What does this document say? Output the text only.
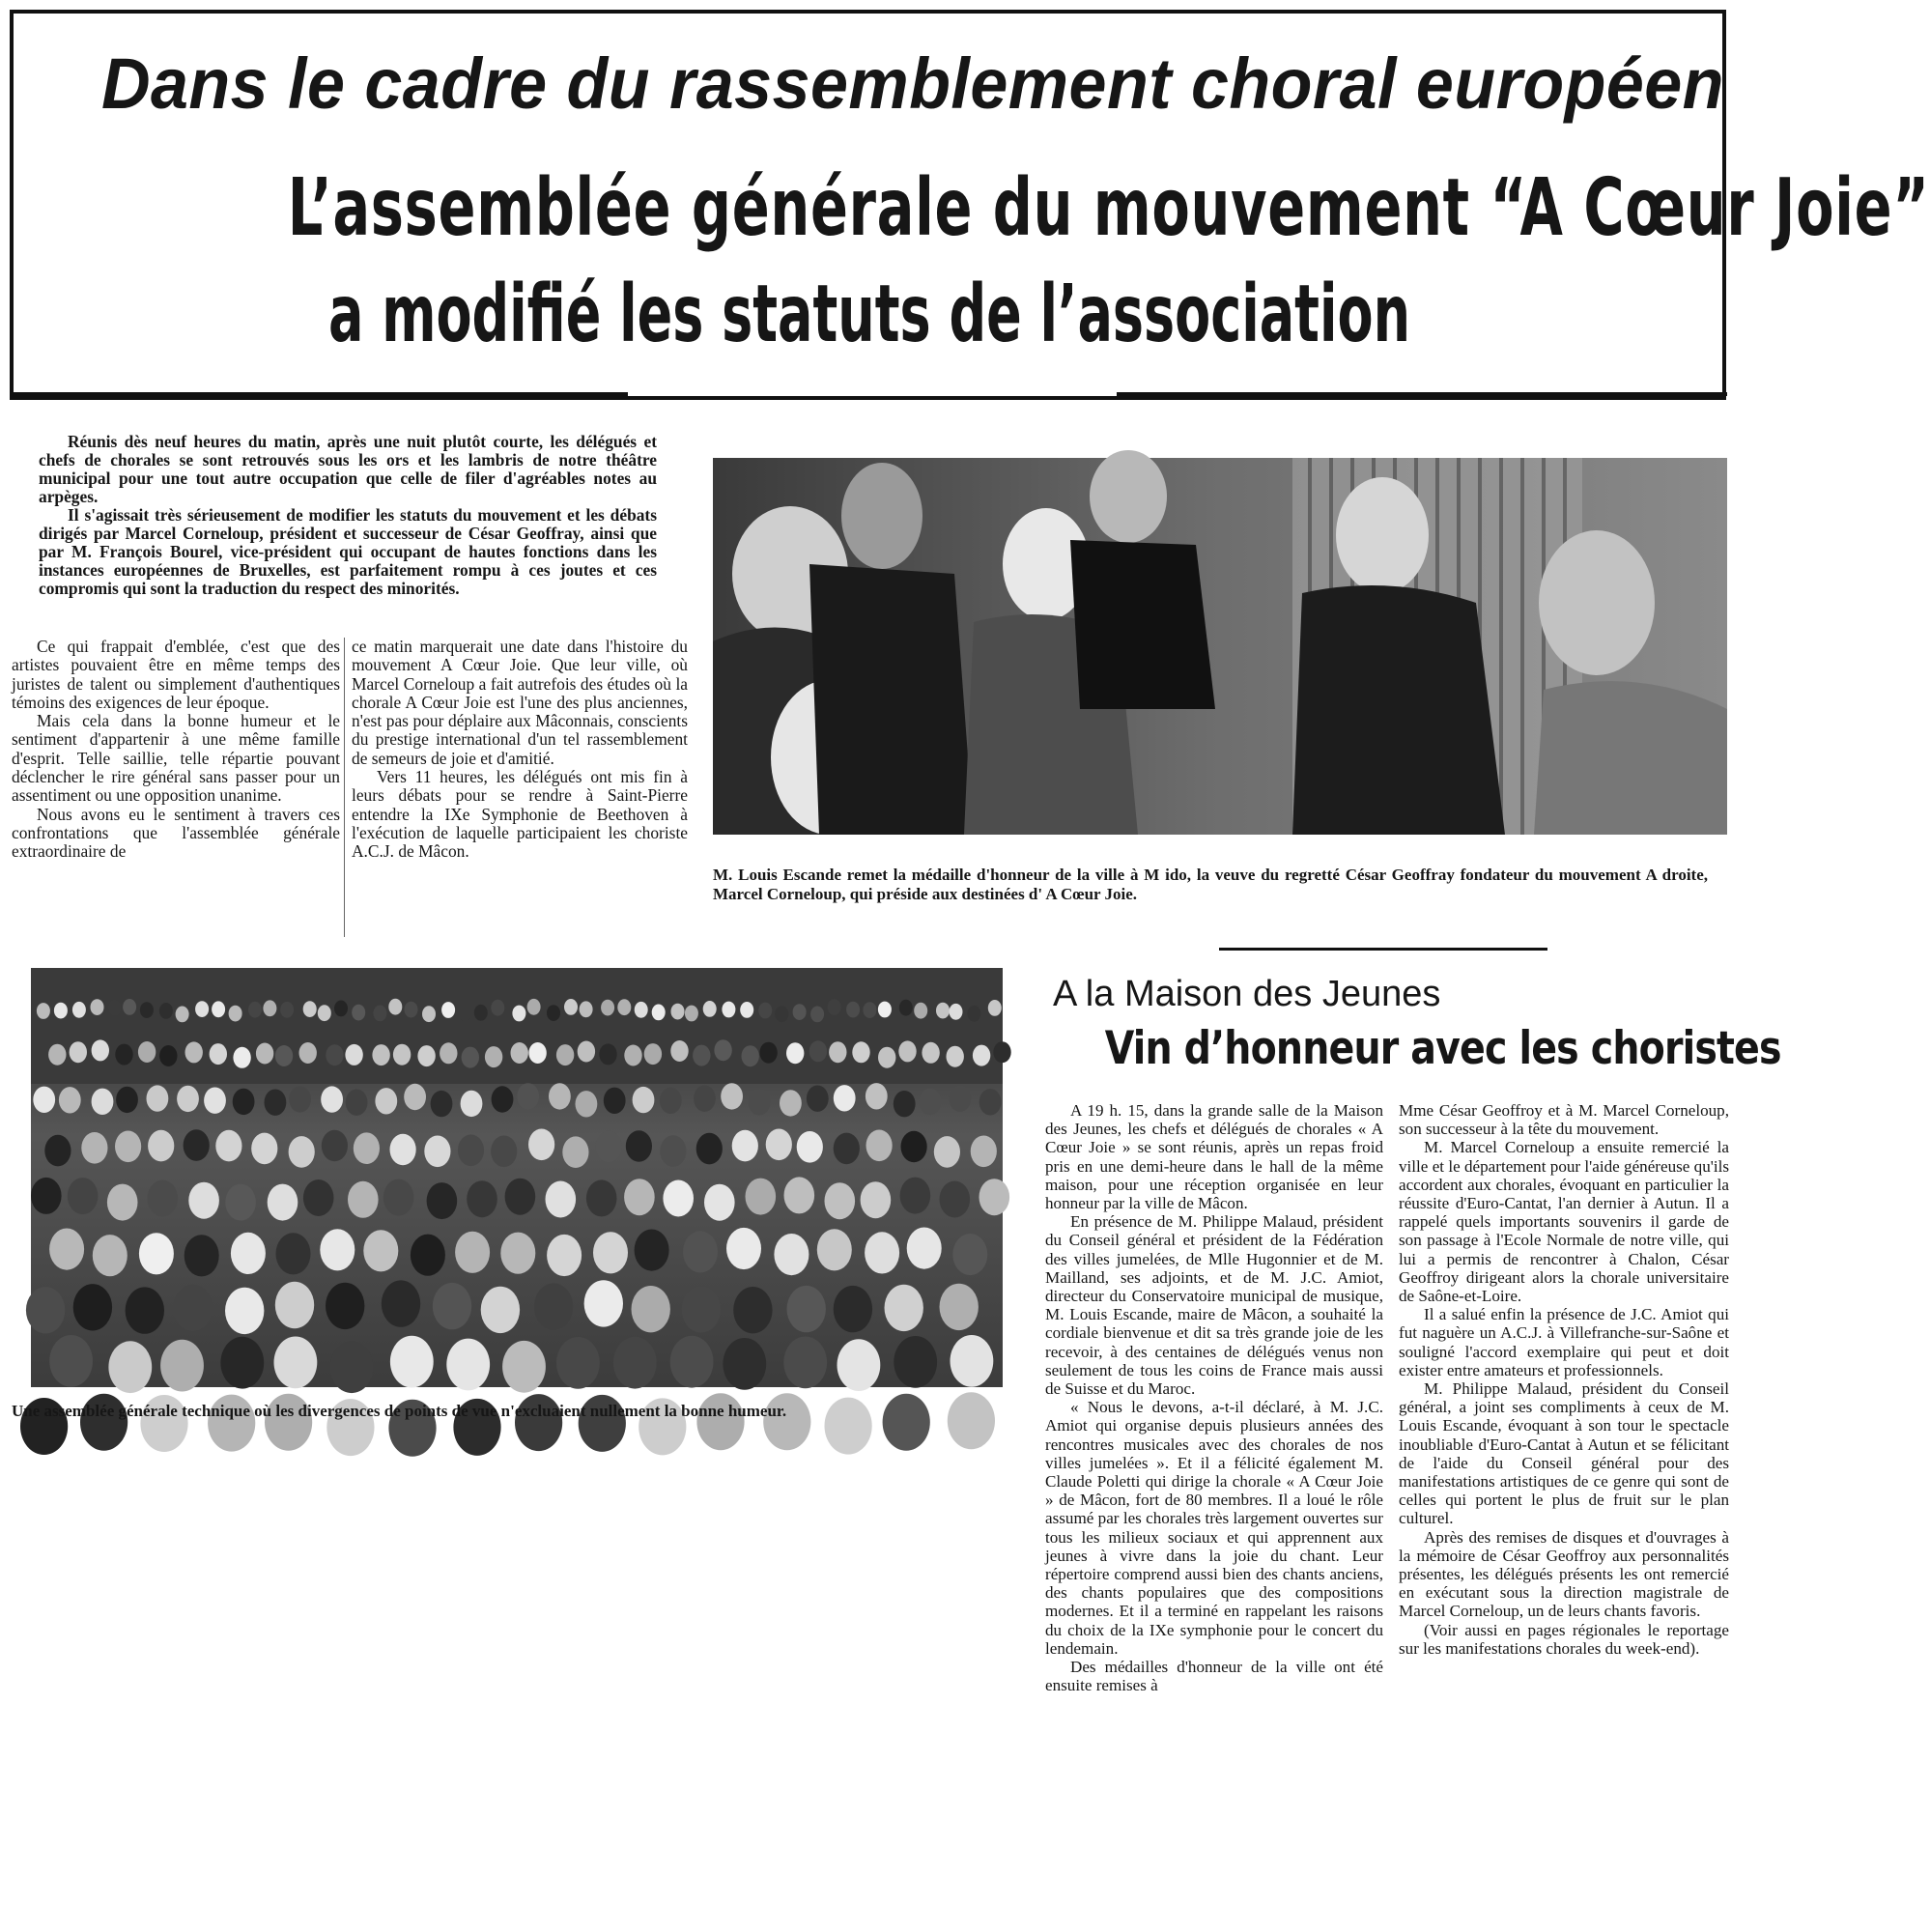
Dans le cadre du rassemblement choral européen
L’assemblée générale du mouvement “A Cœur Joie”
a modifié les statuts de l’association

Réunis dès neuf heures du matin, après une nuit plutôt courte, les délégués et chefs de chorales se sont retrouvés sous les ors et les lambris de notre théâtre municipal pour une tout autre occupation que celle de filer d'agréables notes au arpèges.

Il s'agissait très sérieusement de modifier les statuts du mouvement et les débats dirigés par Marcel Corneloup, président et successeur de César Geoffray, ainsi que par M. François Bourel, vice-président qui occupant de hautes fonctions dans les instances européennes de Bruxelles, est parfaitement rompu à ces joutes et ces compromis qui sont la traduction du respect des minorités.

Ce qui frappait d'emblée, c'est que des artistes pouvaient être en même temps des juristes de talent ou simplement d'authentiques témoins des exigences de leur époque.

Mais cela dans la bonne humeur et le sentiment d'appartenir à une même famille d'esprit. Telle saillie, telle répartie pouvant déclencher le rire général sans passer pour un assentiment ou une opposition unanime.

Nous avons eu le sentiment à travers ces confrontations que l'assemblée générale extraordinaire de

ce matin marquerait une date dans l'histoire du mouvement A Cœur Joie. Que leur ville, où Marcel Corneloup a fait autrefois des études où la chorale A Cœur Joie est l'une des plus anciennes, n'est pas pour déplaire aux Mâconnais, conscients du prestige international d'un tel rassemblement de semeurs de joie et d'amitié.

Vers 11 heures, les délégués ont mis fin à leurs débats pour se rendre à Saint-Pierre entendre la IXe Symphonie de Beethoven à l'exécution de laquelle participaient les choriste A.C.J. de Mâcon.

M. Louis Escande remet la médaille d'honneur de la ville à M ido, la veuve du regretté César Geoffray fondateur du mouvement A droite, Marcel Corneloup, qui préside aux destinées d' A Cœur Joie.
Une assemblée générale technique où les divergences de points de vue n'excluaient nullement la bonne humeur.
A la Maison des Jeunes
Vin d’honneur avec les choristes

A 19 h. 15, dans la grande salle de la Maison des Jeunes, les chefs et délégués de chorales « A Cœur Joie » se sont réunis, après un repas froid pris en une demi-heure dans le hall de la même maison, pour une réception organisée en leur honneur par la ville de Mâcon.

En présence de M. Philippe Malaud, président du Conseil général et président de la Fédération des villes jumelées, de Mlle Hugonnier et de M. Mailland, ses adjoints, et de M. J.C. Amiot, directeur du Conservatoire municipal de musique, M. Louis Escande, maire de Mâcon, a souhaité la cordiale bienvenue et dit sa très grande joie de les recevoir, à des centaines de délégués venus non seulement de tous les coins de France mais aussi de Suisse et du Maroc.

« Nous le devons, a-t-il déclaré, à M. J.C. Amiot qui organise depuis plusieurs années des rencontres musicales avec des chorales de nos villes jumelées ». Et il a félicité également M. Claude Poletti qui dirige la chorale « A Cœur Joie » de Mâcon, fort de 80 membres. Il a loué le rôle assumé par les chorales très largement ouvertes sur tous les milieux sociaux et qui apprennent aux jeunes à vivre dans la joie du chant. Leur répertoire comprend aussi bien des chants anciens, des chants populaires que des compositions modernes. Et il a terminé en rappelant les raisons du choix de la IXe symphonie pour le concert du lendemain.

Des médailles d'honneur de la ville ont été ensuite remises à

Mme César Geoffroy et à M. Marcel Corneloup, son successeur à la tête du mouvement.

M. Marcel Corneloup a ensuite remercié la ville et le département pour l'aide généreuse qu'ils accordent aux chorales, évoquant en particulier la réussite d'Euro-Cantat, l'an dernier à Autun. Il a rappelé quels importants souvenirs il garde de son passage à l'Ecole Normale de notre ville, qui lui a permis de rencontrer à Chalon, César Geoffroy dirigeant alors la chorale universitaire de Saône-et-Loire.

Il a salué enfin la présence de J.C. Amiot qui fut naguère un A.C.J. à Villefranche-sur-Saône et souligné l'accord exemplaire qui peut et doit exister entre amateurs et professionnels.

M. Philippe Malaud, président du Conseil général, a joint ses compliments à ceux de M. Louis Escande, évoquant à son tour le spectacle inoubliable d'Euro-Cantat à Autun et se félicitant de l'aide du Conseil général pour des manifestations artistiques de ce genre qui sont de celles qui portent le plus de fruit sur le plan culturel.

Après des remises de disques et d'ouvrages à la mémoire de César Geoffroy aux personnalités présentes, les délégués présents les ont remercié en exécutant sous la direction magistrale de Marcel Corneloup, un de leurs chants favoris.

(Voir aussi en pages régionales le reportage sur les manifestations chorales du week-end).
